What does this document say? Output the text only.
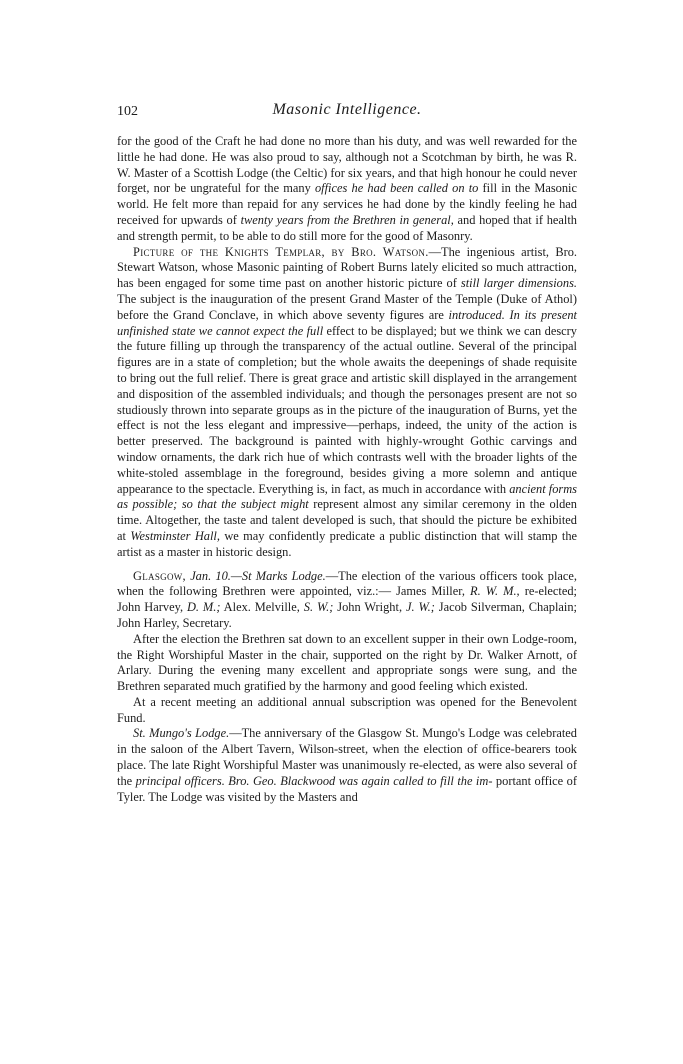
102	Masonic Intelligence.

for the good of the Craft he had done no more than his duty, and was well rewarded for the little he had done. He was also proud to say, although not a Scotchman by birth, he was R. W. Master of a Scottish Lodge (the Celtic) for six years, and that high honour he could never forget, nor be ungrateful for the many offices he had been called on to fill in the Masonic world. He felt more than repaid for any services he had done by the kindly feeling he had received for upwards of twenty years from the Brethren in general, and hoped that if health and strength permit, to be able to do still more for the good of Masonry.

Picture of the Knights Templar, by Bro. Watson.—The ingenious artist, Bro. Stewart Watson, whose Masonic painting of Robert Burns lately elicited so much attraction, has been engaged for some time past on another historic picture of still larger dimensions. The subject is the inauguration of the present Grand Master of the Temple (Duke of Athol) before the Grand Conclave, in which above seventy figures are introduced. In its present unfinished state we cannot expect the full effect to be displayed; but we think we can descry the future filling up through the transparency of the actual outline. Several of the principal figures are in a state of completion; but the whole awaits the deepenings of shade requisite to bring out the full relief. There is great grace and artistic skill displayed in the arrangement and disposition of the assembled individuals; and though the personages present are not so studiously thrown into separate groups as in the picture of the inauguration of Burns, yet the effect is not the less elegant and impressive—perhaps, indeed, the unity of the action is better preserved. The background is painted with highly-wrought Gothic carvings and window ornaments, the dark rich hue of which contrasts well with the broader lights of the white-stoled assemblage in the foreground, besides giving a more solemn and antique appearance to the spectacle. Everything is, in fact, as much in accordance with ancient forms as possible; so that the subject might represent almost any similar ceremony in the olden time. Altogether, the taste and talent developed is such, that should the picture be exhibited at Westminster Hall, we may confidently predicate a public distinction that will stamp the artist as a master in historic design.

Glasgow, Jan. 10.—St Marks Lodge.—The election of the various officers took place, when the following Brethren were appointed, viz.:— James Miller, R. W. M., re-elected; John Harvey, D. M.; Alex. Melville, S. W.; John Wright, J. W.; Jacob Silverman, Chaplain; John Harley, Secretary.

After the election the Brethren sat down to an excellent supper in their own Lodge-room, the Right Worshipful Master in the chair, supported on the right by Dr. Walker Arnott, of Arlary. During the evening many excellent and appropriate songs were sung, and the Brethren separated much gratified by the harmony and good feeling which existed.

At a recent meeting an additional annual subscription was opened for the Benevolent Fund.

St. Mungo's Lodge.—The anniversary of the Glasgow St. Mungo's Lodge was celebrated in the saloon of the Albert Tavern, Wilson-street, when the election of office-bearers took place. The late Right Worshipful Master was unanimously re-elected, as were also several of the principal officers. Bro. Geo. Blackwood was again called to fill the im- portant office of Tyler. The Lodge was visited by the Masters and
